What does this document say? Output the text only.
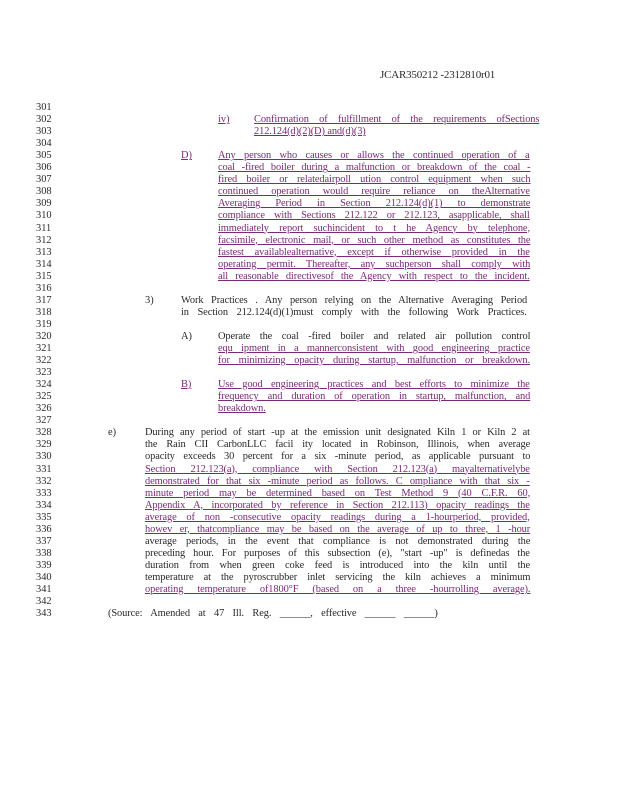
JCAR350212 -2312810r01
301
302	iv) Confirmation of fulfillment of the requirements ofSections
303	212.124(d)(2)(D) and(d)(3)
304
305	D)	Any person who causes or allows the continued operation of a
306	coal -fired boiler during a malfunction or breakdown of the coal -
307	fired boiler or relatedairpoll ution control equipment when such
308	continued operation would require reliance on theAlternative
309	Averaging Period in Section 212.124(d)(1) to demonstrate
310	compliance with Sections 212.122 or 212.123, asapplicable, shall
311	immediately report suchincident to t he Agency by telephone,
312	facsimile, electronic mail, or such other method as constitutes the
313	fastest availablealternative, except if otherwise provided in the
314	operating permit. Thereafter, any suchperson shall comply with
315	all reasonable directivesof the Agency with respect to the incident.
316
317	3)	Work Practices . Any person relying on the Alternative Averaging Period
318	in Section 212.124(d)(1)must comply with the following Work Practices.
319
320	A)	Operate the coal -fired boiler and related air pollution control
321	equ ipment in a mannerconsistent with good engineering practice
322	for minimizing opacity during startup, malfunction or breakdown.
323
324	B)	Use good engineering practices and best efforts to minimize the
325	frequency and duration of operation in startup, malfunction, and
326	breakdown.
327
328	e)	During any period of start -up at the emission unit designated Kiln 1 or Kiln 2 at
329	the Rain CII CarbonLLC facil ity located in Robinson, Illinois, when average
330	opacity exceeds 30 percent for a six -minute period, as applicable pursuant to
331	Section 212.123(a), compliance with Section 212.123(a) mayalternativelybe
332	demonstrated for that six -minute period as follows. C ompliance with that six -
333	minute period may be determined based on Test Method 9 (40 C.F.R. 60,
334	Appendix A, incorporated by reference in Section 212.113) opacity readings the
335	average of non -consecutive opacity readings during a 1-hourperiod, provided,
336	howev er, thatcompliance may be based on the average of up to three, 1 -hour
337	average periods, in the event that compliance is not demonstrated during the
338	preceding hour. For purposes of this subsection (e), "start -up" is definedas the
339	duration from when green coke feed is introduced into the kiln until the
340	temperature at the pyroscrubber inlet servicing the kiln achieves a minimum
341	operating temperature of1800°F (based on a three -hourrolling average).
342
343	(Source: Amended at 47 Ill. Reg. ______, effective ______ ______)
